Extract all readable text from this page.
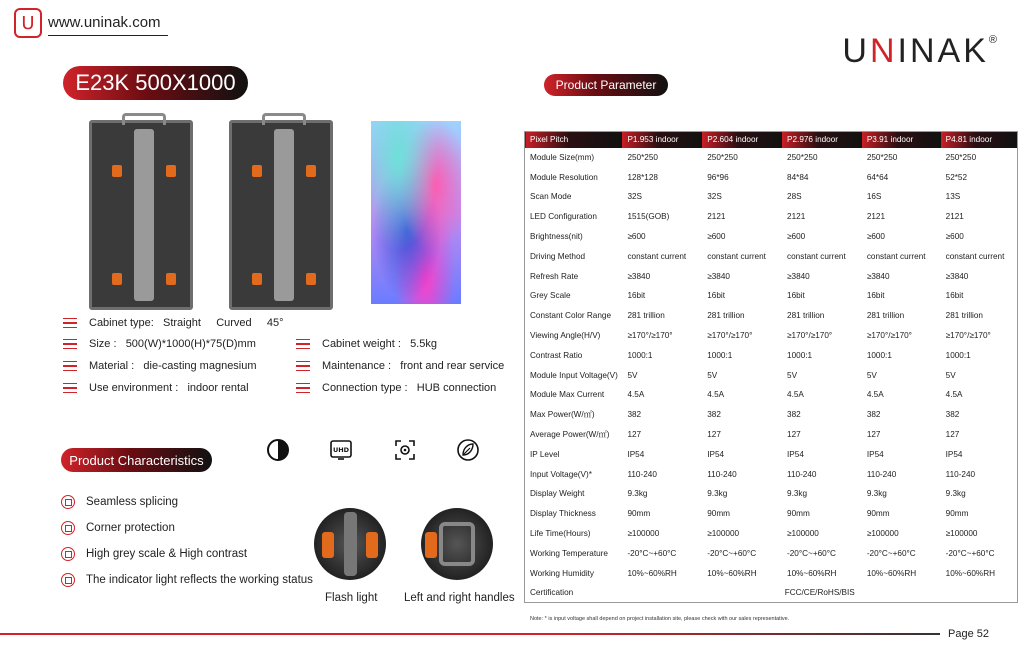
U www.uninak.com
UNINAK®
E23K 500X1000
Cabinet type:
Straight     Curved     45°
Size :
500(W)*1000(H)*75(D)mm
Material :
die-casting magnesium
Use environment :
indoor rental
Cabinet weight :
5.5kg
Maintenance :
front and rear service
Connection type :
HUB connection
Product Characteristics
UHD
Seamless splicing
Corner protection
High grey scale & High contrast
The indicator light reflects the working status
Flash light Left and right handles
Product Parameter
Pixel Pitch	P1.953 indoor	P2.604 indoor	P2.976 indoor	P3.91 indoor	P4.81 indoor
Module Size(mm)	250*250	250*250	250*250	250*250	250*250
Module Resolution	128*128	96*96	84*84	64*64	52*52
Scan Mode	32S	32S	28S	16S	13S
LED Configuration	1515(GOB)	2121	2121	2121	2121
Brightness(nit)	≥600	≥600	≥600	≥600	≥600
Driving Method	constant current	constant current	constant current	constant current	constant current
Refresh Rate	≥3840	≥3840	≥3840	≥3840	≥3840
Grey Scale	16bit	16bit	16bit	16bit	16bit
Constant Color Range	281 trillion	281 trillion	281 trillion	281 trillion	281 trillion
Viewing Angle(H/V)	≥170°/≥170°	≥170°/≥170°	≥170°/≥170°	≥170°/≥170°	≥170°/≥170°
Contrast Ratio	1000:1	1000:1	1000:1	1000:1	1000:1
Module Input Voltage(V)	5V	5V	5V	5V	5V
Module Max Current	4.5A	4.5A	4.5A	4.5A	4.5A
Max Power(W/㎡)	382	382	382	382	382
Average Power(W/㎡)	127	127	127	127	127
IP Level	IP54	IP54	IP54	IP54	IP54
Input Voltage(V)*	110-240	110-240	110-240	110-240	110-240
Display Weight	9.3kg	9.3kg	9.3kg	9.3kg	9.3kg
Display Thickness	90mm	90mm	90mm	90mm	90mm
Life Time(Hours)	≥100000	≥100000	≥100000	≥100000	≥100000
Working Temperature	-20°C~+60°C	-20°C~+60°C	-20°C~+60°C	-20°C~+60°C	-20°C~+60°C
Working Humidity	10%~60%RH	10%~60%RH	10%~60%RH	10%~60%RH	10%~60%RH
Certification	FCC/CE/RoHS/BIS				
Note: * is input voltage shall depend on project installation site, please check with our sales representative.
Page 52
